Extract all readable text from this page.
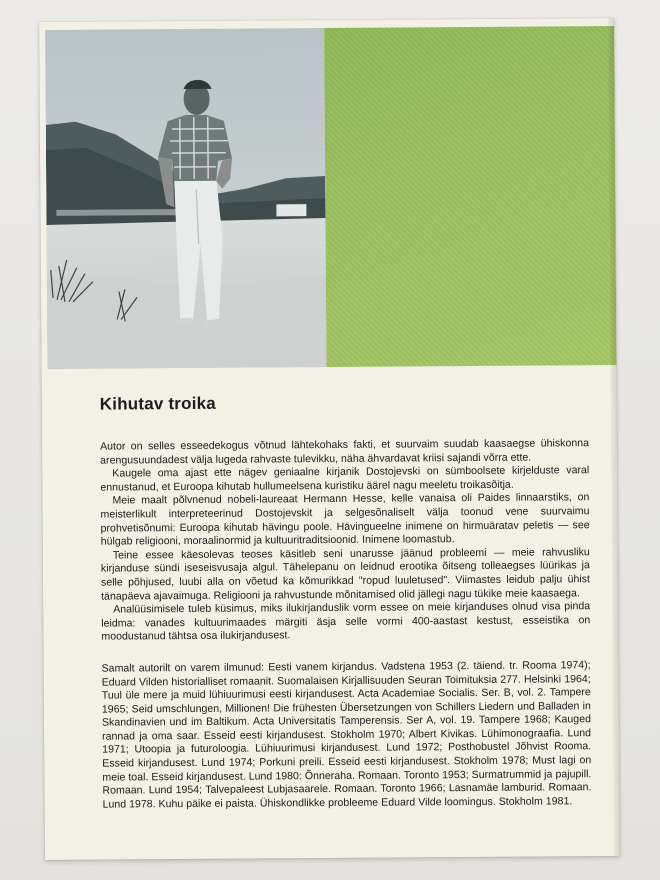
Kihutav troika

Autor on selles esseedekogus võtnud lähtekohaks fakti, et suurvaim suudab kaasaegse ühiskonna arengusuundadest välja lugeda rahvaste tulevikku, näha ähvardavat kriisi sajandi võrra ette.

Kaugele oma ajast ette nägev geniaalne kirjanik Dostojevski on sümboolsete kirjelduste varal ennustanud, et Euroopa kihutab hullumeelsena kuristiku äärel nagu meeletu troikasõitja.

Meie maalt põlvnenud nobeli-laureaat Hermann Hesse, kelle vanaisa oli Paides linnaarstiks, on meisterlikult interpreteerinud Dostojevskit ja selgesõnaliselt välja toonud vene suurvaimu prohvetisõnumi: Euroopa kihutab hävingu poole. Hävingueelne inimene on hirmuäratav peletis — see hülgab religiooni, moraalinormid ja kultuuritraditsioonid. Inimene loomastub.

Teine essee käesolevas teoses käsitleb seni unarusse jäänud probleemi — meie rahvusliku kirjanduse sündi iseseisvusaja algul. Tähelepanu on leidnud erootika õitseng tolleaegses lüürikas ja selle põhjused, luubi alla on võetud ka kõmurikkad "ropud luuletused". Viimastes leidub palju ühist tänapäeva ajavaimuga. Religiooni ja rahvustunde mõnitamised olid jällegi nagu tükike meie kaasaega.

Analüüsimisele tuleb küsimus, miks ilukirjanduslik vorm essee on meie kirjanduses olnud visa pinda leidma: vanades kultuurimaades märgiti äsja selle vormi 400-aastast kestust, esseistika on moodustanud tähtsa osa ilukirjandusest.

Samalt autorilt on varem ilmunud: Eesti vanem kirjandus. Vadstena 1953 (2. täiend. tr. Rooma 1974); Eduard Vilden historialliset romaanit. Suomalaisen Kirjallisuuden Seuran Toimituksia 277. Helsinki 1964; Tuul üle mere ja muid lühiuurimusi eesti kirjandusest. Acta Academiae Socialis. Ser. B, vol. 2. Tampere 1965; Seid umschlungen, Millionen! Die frühesten Übersetzungen von Schillers Liedern und Balladen in Skandinavien und im Baltikum. Acta Universitatis Tamperensis. Ser A, vol. 19. Tampere 1968; Kauged rannad ja oma saar. Esseid eesti kirjandusest. Stokholm 1970; Albert Kivikas. Lühimonograafia. Lund 1971; Utoopia ja futuroloogia. Lühiuurimusi kirjandusest. Lund 1972; Posthobustel Jõhvist Rooma. Esseid kirjandusest. Lund 1974; Porkuni preili. Esseid eesti kirjandusest. Stokholm 1978; Must lagi on meie toal. Esseid kirjandusest. Lund 1980: Õnneraha. Romaan. Toronto 1953; Surmatrummid ja pajupill. Romaan. Lund 1954; Talvepaleest Lubjasaarele. Romaan. Toronto 1966; Lasnamäe lamburid. Romaan. Lund 1978. Kuhu päike ei paista. Ühiskondlikke probleeme Eduard Vilde loomingus. Stokholm 1981.
